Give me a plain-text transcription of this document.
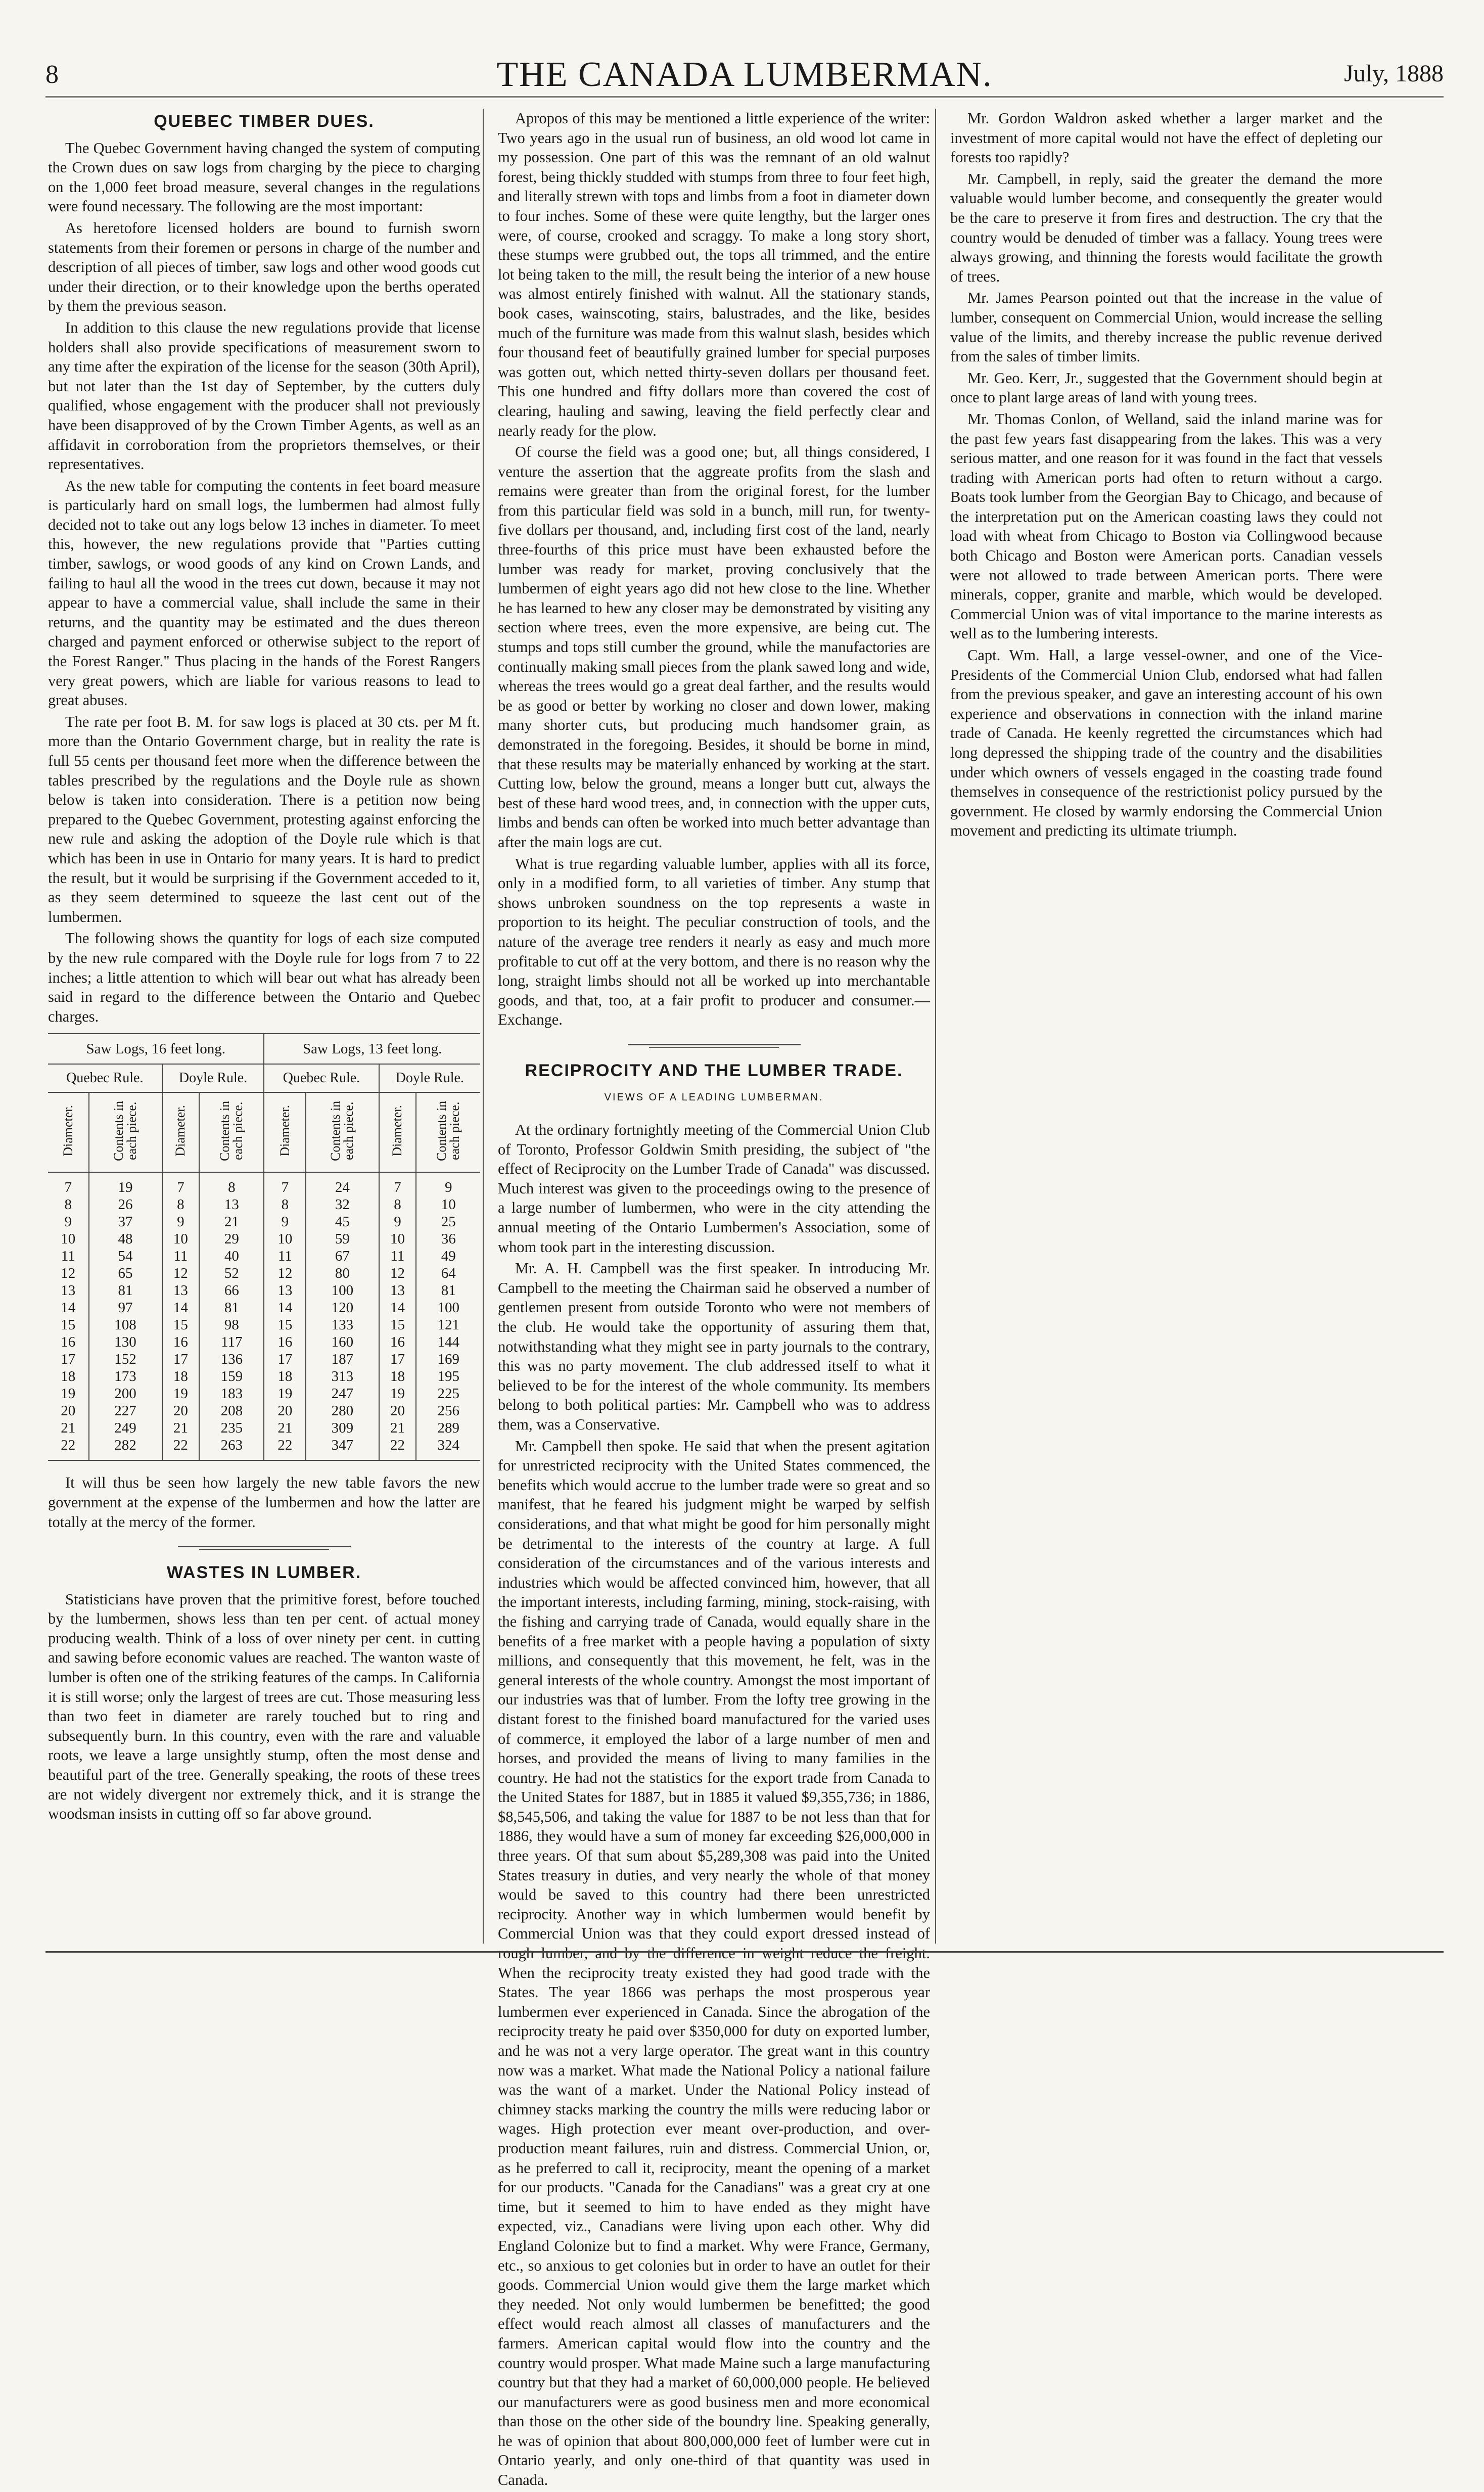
8	THE CANADA LUMBERMAN.	July, 1888
QUEBEC TIMBER DUES.

The Quebec Government having changed the system of computing the Crown dues on saw logs from charging by the piece to charging on the 1,000 feet broad measure, several changes in the regulations were found necessary. The following are the most important:

As heretofore licensed holders are bound to furnish sworn statements from their foremen or persons in charge of the number and description of all pieces of timber, saw logs and other wood goods cut under their direction, or to their knowledge upon the berths operated by them the previous season.

In addition to this clause the new regulations provide that license holders shall also provide specifications of measurement sworn to any time after the expiration of the license for the season (30th April), but not later than the 1st day of September, by the cutters duly qualified, whose engagement with the producer shall not previously have been disapproved of by the Crown Timber Agents, as well as an affidavit in corroboration from the proprietors themselves, or their representatives.

As the new table for computing the contents in feet board measure is particularly hard on small logs, the lumbermen had almost fully decided not to take out any logs below 13 inches in diameter. To meet this, however, the new regulations provide that "Parties cutting timber, sawlogs, or wood goods of any kind on Crown Lands, and failing to haul all the wood in the trees cut down, because it may not appear to have a commercial value, shall include the same in their returns, and the quantity may be estimated and the dues thereon charged and payment enforced or otherwise subject to the report of the Forest Ranger." Thus placing in the hands of the Forest Rangers very great powers, which are liable for various reasons to lead to great abuses.

The rate per foot B. M. for saw logs is placed at 30 cts. per M ft. more than the Ontario Government charge, but in reality the rate is full 55 cents per thousand feet more when the difference between the tables prescribed by the regulations and the Doyle rule as shown below is taken into consideration. There is a petition now being prepared to the Quebec Government, protesting against enforcing the new rule and asking the adoption of the Doyle rule which is that which has been in use in Ontario for many years. It is hard to predict the result, but it would be surprising if the Government acceded to it, as they seem determined to squeeze the last cent out of the lumbermen.

The following shows the quantity for logs of each size computed by the new rule compared with the Doyle rule for logs from 7 to 22 inches; a little attention to which will bear out what has already been said in regard to the difference between the Ontario and Quebec charges.

Saw Logs, 16 feet long.				Saw Logs, 13 feet long.			
Quebec Rule.		Doyle Rule.		Quebec Rule.		Doyle Rule.	
Diameter.	Contents in each piece.	Diameter.	Contents in each piece.	Diameter.	Contents in each piece.	Diameter.	Contents in each piece.
7	19	7	8	7	24	7	9
8	26	8	13	8	32	8	10
9	37	9	21	9	45	9	25
10	48	10	29	10	59	10	36
11	54	11	40	11	67	11	49
12	65	12	52	12	80	12	64
13	81	13	66	13	100	13	81
14	97	14	81	14	120	14	100
15	108	15	98	15	133	15	121
16	130	16	117	16	160	16	144
17	152	17	136	17	187	17	169
18	173	18	159	18	313	18	195
19	200	19	183	19	247	19	225
20	227	20	208	20	280	20	256
21	249	21	235	21	309	21	289
22	282	22	263	22	347	22	324

It will thus be seen how largely the new table favors the new government at the expense of the lumbermen and how the latter are totally at the mercy of the former.

WASTES IN LUMBER.

Statisticians have proven that the primitive forest, before touched by the lumbermen, shows less than ten per cent. of actual money producing wealth. Think of a loss of over ninety per cent. in cutting and sawing before economic values are reached. The wanton waste of lumber is often one of the striking features of the camps. In California it is still worse; only the largest of trees are cut. Those measuring less than two feet in diameter are rarely touched but to ring and subsequently burn. In this country, even with the rare and valuable roots, we leave a large unsightly stump, often the most dense and beautiful part of the tree. Generally speaking, the roots of these trees are not widely divergent nor extremely thick, and it is strange the woodsman insists in cutting off so far above ground.

Apropos of this may be mentioned a little experience of the writer: Two years ago in the usual run of business, an old wood lot came in my possession. One part of this was the remnant of an old walnut forest, being thickly studded with stumps from three to four feet high, and literally strewn with tops and limbs from a foot in diameter down to four inches. Some of these were quite lengthy, but the larger ones were, of course, crooked and scraggy. To make a long story short, these stumps were grubbed out, the tops all trimmed, and the entire lot being taken to the mill, the result being the interior of a new house was almost entirely finished with walnut. All the stationary stands, book cases, wainscoting, stairs, balustrades, and the like, besides much of the furniture was made from this walnut slash, besides which four thousand feet of beautifully grained lumber for special purposes was gotten out, which netted thirty-seven dollars per thousand feet. This one hundred and fifty dollars more than covered the cost of clearing, hauling and sawing, leaving the field perfectly clear and nearly ready for the plow.

Of course the field was a good one; but, all things considered, I venture the assertion that the aggreate profits from the slash and remains were greater than from the original forest, for the lumber from this particular field was sold in a bunch, mill run, for twenty-five dollars per thousand, and, including first cost of the land, nearly three-fourths of this price must have been exhausted before the lumber was ready for market, proving conclusively that the lumbermen of eight years ago did not hew close to the line. Whether he has learned to hew any closer may be demonstrated by visiting any section where trees, even the more expensive, are being cut. The stumps and tops still cumber the ground, while the manufactories are continually making small pieces from the plank sawed long and wide, whereas the trees would go a great deal farther, and the results would be as good or better by working no closer and down lower, making many shorter cuts, but producing much handsomer grain, as demonstrated in the foregoing. Besides, it should be borne in mind, that these results may be materially enhanced by working at the start. Cutting low, below the ground, means a longer butt cut, always the best of these hard wood trees, and, in connection with the upper cuts, limbs and bends can often be worked into much better advantage than after the main logs are cut.

What is true regarding valuable lumber, applies with all its force, only in a modified form, to all varieties of timber. Any stump that shows unbroken soundness on the top represents a waste in proportion to its height. The peculiar construction of tools, and the nature of the average tree renders it nearly as easy and much more profitable to cut off at the very bottom, and there is no reason why the long, straight limbs should not all be worked up into merchantable goods, and that, too, at a fair profit to producer and consumer.—Exchange.

RECIPROCITY AND THE LUMBER TRADE.
VIEWS OF A LEADING LUMBERMAN.

At the ordinary fortnightly meeting of the Commercial Union Club of Toronto, Professor Goldwin Smith presiding, the subject of "the effect of Reciprocity on the Lumber Trade of Canada" was discussed. Much interest was given to the proceedings owing to the presence of a large number of lumbermen, who were in the city attending the annual meeting of the Ontario Lumbermen's Association, some of whom took part in the interesting discussion.

Mr. A. H. Campbell was the first speaker. In introducing Mr. Campbell to the meeting the Chairman said he observed a number of gentlemen present from outside Toronto who were not members of the club. He would take the opportunity of assuring them that, notwithstanding what they might see in party journals to the contrary, this was no party movement. The club addressed itself to what it believed to be for the interest of the whole community. Its members belong to both political parties: Mr. Campbell who was to address them, was a Conservative.

Mr. Campbell then spoke. He said that when the present agitation for unrestricted reciprocity with the United States commenced, the benefits which would accrue to the lumber trade were so great and so manifest, that he feared his judgment might be warped by selfish considerations, and that what might be good for him personally might be detrimental to the interests of the country at large. A full consideration of the circumstances and of the various interests and industries which would be affected convinced him, however, that all the important interests, including farming, mining, stock-raising, with the fishing and carrying trade of Canada, would equally share in the benefits of a free market with a people having a population of sixty millions, and consequently that this movement, he felt, was in the general interests of the whole country. Amongst the most important of our industries was that of lumber. From the lofty tree growing in the distant forest to the finished board manufactured for the varied uses of commerce, it employed the labor of a large number of men and horses, and provided the means of living to many families in the country. He had not the statistics for the export trade from Canada to the United States for 1887, but in 1885 it valued $9,355,736; in 1886, $8,545,506, and taking the value for 1887 to be not less than that for 1886, they would have a sum of money far exceeding $26,000,000 in three years. Of that sum about $5,289,308 was paid into the United States treasury in duties, and very nearly the whole of that money would be saved to this country had there been unrestricted reciprocity. Another way in which lumbermen would benefit by Commercial Union was that they could export dressed instead of rough lumber, and by the difference in weight reduce the freight. When the reciprocity treaty existed they had good trade with the States. The year 1866 was perhaps the most prosperous year lumbermen ever experienced in Canada. Since the abrogation of the reciprocity treaty he paid over $350,000 for duty on exported lumber, and he was not a very large operator. The great want in this country now was a market. What made the National Policy a national failure was the want of a market. Under the National Policy instead of chimney stacks marking the country the mills were reducing labor or wages. High protection ever meant over-production, and over-production meant failures, ruin and distress. Commercial Union, or, as he preferred to call it, reciprocity, meant the opening of a market for our products. "Canada for the Canadians" was a great cry at one time, but it seemed to him to have ended as they might have expected, viz., Canadians were living upon each other. Why did England Colonize but to find a market. Why were France, Germany, etc., so anxious to get colonies but in order to have an outlet for their goods. Commercial Union would give them the large market which they needed. Not only would lumbermen be benefitted; the good effect would reach almost all classes of manufacturers and the farmers. American capital would flow into the country and the country would prosper. What made Maine such a large manufacturing country but that they had a market of 60,000,000 people. He believed our manufacturers were as good business men and more economical than those on the other side of the boundry line. Speaking generally, he was of opinion that about 800,000,000 feet of lumber were cut in Ontario yearly, and only one-third of that quantity was used in Canada.

Mr. Gordon Waldron asked whether a larger market and the investment of more capital would not have the effect of depleting our forests too rapidly?

Mr. Campbell, in reply, said the greater the demand the more valuable would lumber become, and consequently the greater would be the care to preserve it from fires and destruction. The cry that the country would be denuded of timber was a fallacy. Young trees were always growing, and thinning the forests would facilitate the growth of trees.

Mr. James Pearson pointed out that the increase in the value of lumber, consequent on Commercial Union, would increase the selling value of the limits, and thereby increase the public revenue derived from the sales of timber limits.

Mr. Geo. Kerr, Jr., suggested that the Government should begin at once to plant large areas of land with young trees.

Mr. Thomas Conlon, of Welland, said the inland marine was for the past few years fast disappearing from the lakes. This was a very serious matter, and one reason for it was found in the fact that vessels trading with American ports had often to return without a cargo. Boats took lumber from the Georgian Bay to Chicago, and because of the interpretation put on the American coasting laws they could not load with wheat from Chicago to Boston via Collingwood because both Chicago and Boston were American ports. Canadian vessels were not allowed to trade between American ports. There were minerals, copper, granite and marble, which would be developed. Commercial Union was of vital importance to the marine interests as well as to the lumbering interests.

Capt. Wm. Hall, a large vessel-owner, and one of the Vice-Presidents of the Commercial Union Club, endorsed what had fallen from the previous speaker, and gave an interesting account of his own experience and observations in connection with the inland marine trade of Canada. He keenly regretted the circumstances which had long depressed the shipping trade of the country and the disabilities under which owners of vessels engaged in the coasting trade found themselves in consequence of the restrictionist policy pursued by the government. He closed by warmly endorsing the Commercial Union movement and predicting its ultimate triumph.
